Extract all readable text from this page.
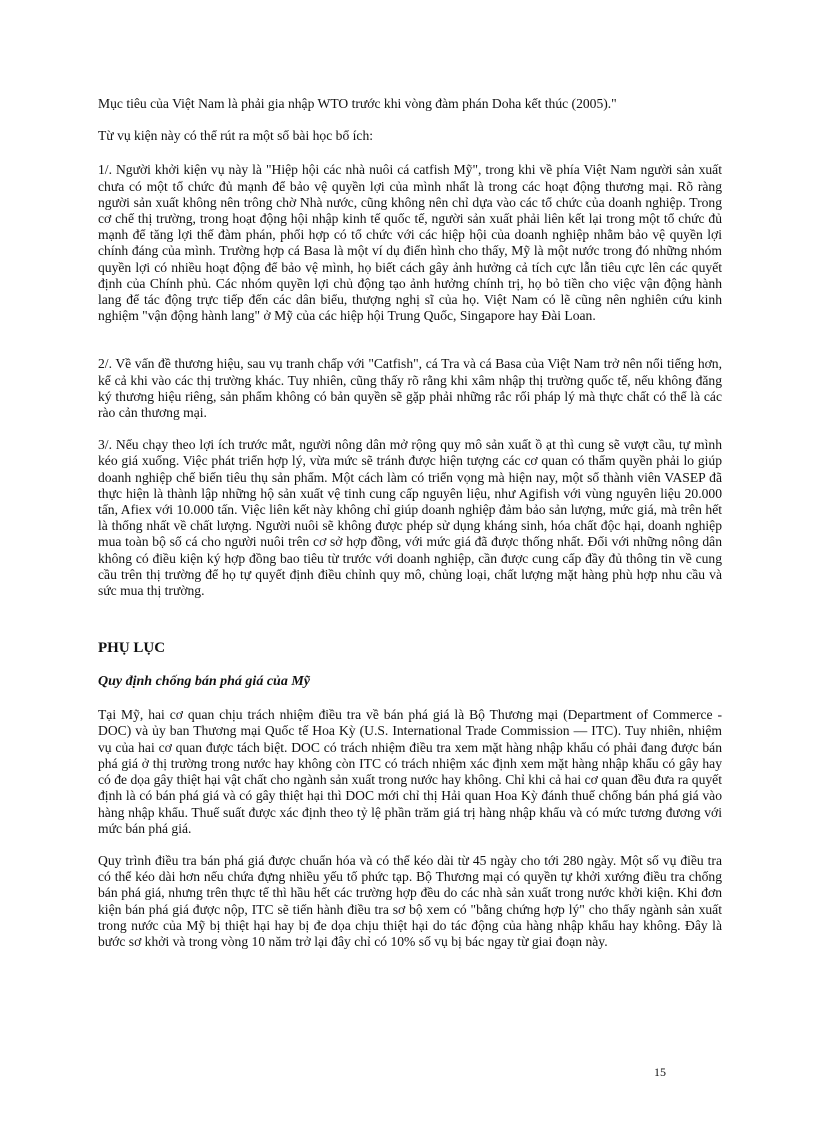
Mục tiêu của Việt Nam là phải gia nhập WTO trước khi vòng đàm phán Doha kết thúc (2005)."

Từ vụ kiện này có thể rút ra một số bài học bổ ích:

1/. Người khởi kiện vụ này là "Hiệp hội các nhà nuôi cá catfish Mỹ", trong khi về phía Việt Nam người sản xuất chưa có một tổ chức đủ mạnh để bảo vệ quyền lợi của mình nhất là trong các hoạt động thương mại. Rõ ràng người sản xuất không nên trông chờ Nhà nước, cũng không nên chỉ dựa vào các tổ chức của doanh nghiệp. Trong cơ chế thị trường, trong hoạt động hội nhập kinh tế quốc tế, người sản xuất phải liên kết lại trong một tổ chức đủ mạnh để tăng lợi thế đàm phán, phối hợp có tổ chức với các hiệp hội của doanh nghiệp nhằm bảo vệ quyền lợi chính đáng của mình. Trường hợp cá Basa là một ví dụ điển hình cho thấy, Mỹ là một nước trong đó những nhóm quyền lợi có nhiều hoạt động để bảo vệ mình, họ biết cách gây ảnh hưởng cả tích cực lẫn tiêu cực lên các quyết định của Chính phủ. Các nhóm quyền lợi chủ động tạo ảnh hưởng chính trị, họ bỏ tiền cho việc vận động hành lang để tác động trực tiếp đến các dân biểu, thượng nghị sĩ của họ. Việt Nam có lẽ cũng nên nghiên cứu kinh nghiệm "vận động hành lang" ở Mỹ của các hiệp hội Trung Quốc, Singapore hay Đài Loan.

2/. Về vấn đề thương hiệu, sau vụ tranh chấp với "Catfish", cá Tra và cá Basa của Việt Nam trở nên nổi tiếng hơn, kể cả khi vào các thị trường khác. Tuy nhiên, cũng thấy rõ rằng khi xâm nhập thị trường quốc tế, nếu không đăng ký thương hiệu riêng, sản phẩm không có bản quyền sẽ gặp phải những rắc rối pháp lý mà thực chất có thể là các rào cản thương mại.

3/. Nếu chạy theo lợi ích trước mắt, người nông dân mở rộng quy mô sản xuất ồ ạt thì cung sẽ vượt cầu, tự mình kéo giá xuống. Việc phát triển hợp lý, vừa mức sẽ tránh được hiện tượng các cơ quan có thẩm quyền phải lo giúp doanh nghiệp chế biến tiêu thụ sản phẩm. Một cách làm có triển vọng mà hiện nay, một số thành viên VASEP đã thực hiện là thành lập những hộ sản xuất vệ tinh cung cấp nguyên liệu, như Agifish với vùng nguyên liệu 20.000 tấn, Afiex với 10.000 tấn. Việc liên kết này không chỉ giúp doanh nghiệp đảm bảo sản lượng, mức giá, mà trên hết là thống nhất về chất lượng. Người nuôi sẽ không được phép sử dụng kháng sinh, hóa chất độc hại, doanh nghiệp mua toàn bộ số cá cho người nuôi trên cơ sở hợp đồng, với mức giá đã được thống nhất. Đối với những nông dân không có điều kiện ký hợp đồng bao tiêu từ trước với doanh nghiệp, cần được cung cấp đầy đủ thông tin về cung cầu trên thị trường để họ tự quyết định điều chỉnh quy mô, chủng loại, chất lượng mặt hàng phù hợp nhu cầu và sức mua thị trường.

PHỤ LỤC
Quy định chống bán phá giá của Mỹ

Tại Mỹ, hai cơ quan chịu trách nhiệm điều tra về bán phá giá là Bộ Thương mại (Department of Commerce - DOC) và ủy ban Thương mại Quốc tế Hoa Kỳ (U.S. International Trade Commission — ITC). Tuy nhiên, nhiệm vụ của hai cơ quan được tách biệt. DOC có trách nhiệm điều tra xem mặt hàng nhập khẩu có phải đang được bán phá giá ở thị trường trong nước hay không còn ITC có trách nhiệm xác định xem mặt hàng nhập khẩu có gây hay có đe dọa gây thiệt hại vật chất cho ngành sản xuất trong nước hay không. Chỉ khi cả hai cơ quan đều đưa ra quyết định là có bán phá giá và có gây thiệt hại thì DOC mới chỉ thị Hải quan Hoa Kỳ đánh thuế chống bán phá giá vào hàng nhập khẩu. Thuế suất được xác định theo tỷ lệ phần trăm giá trị hàng nhập khẩu và có mức tương đương với mức bán phá giá.

Quy trình điều tra bán phá giá được chuẩn hóa và có thể kéo dài từ 45 ngày cho tới 280 ngày. Một số vụ điều tra có thể kéo dài hơn nếu chứa đựng nhiều yếu tố phức tạp. Bộ Thương mại có quyền tự khởi xướng điều tra chống bán phá giá, nhưng trên thực tế thì hầu hết các trường hợp đều do các nhà sản xuất trong nước khởi kiện. Khi đơn kiện bán phá giá được nộp, ITC sẽ tiến hành điều tra sơ bộ xem có "bằng chứng hợp lý" cho thấy ngành sản xuất trong nước của Mỹ bị thiệt hại hay bị đe dọa chịu thiệt hại do tác động của hàng nhập khẩu hay không. Đây là bước sơ khởi và trong vòng 10 năm trở lại đây chỉ có 10% số vụ bị bác ngay từ giai đoạn này.

15
